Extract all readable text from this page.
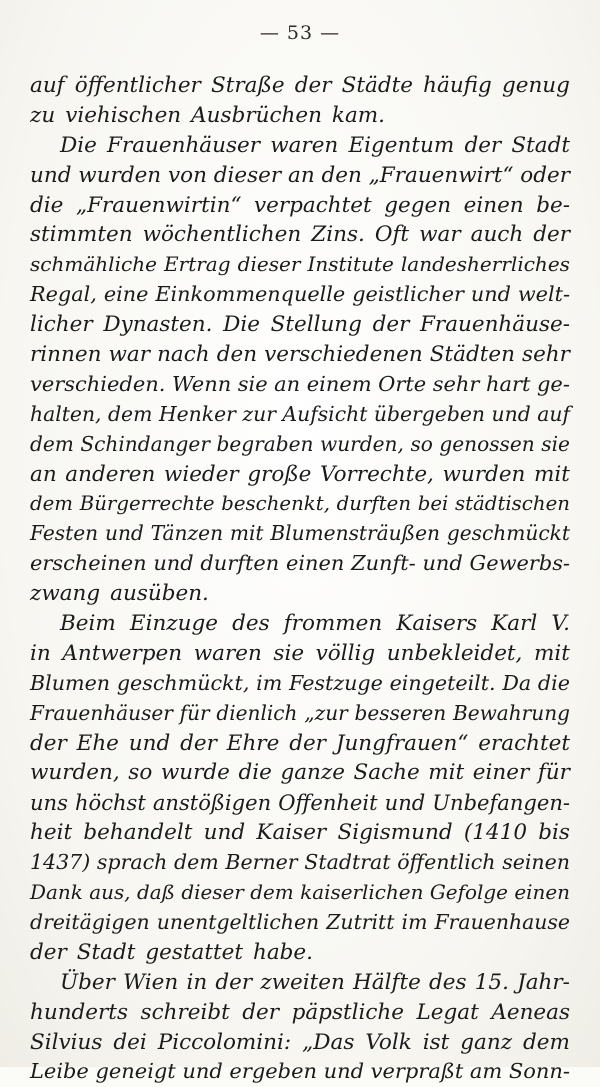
— 53 —
auf öffentlicher Straße der Städte häufig genug
zu viehischen Ausbrüchen kam.
Die Frauenhäuser waren Eigentum der Stadt
und wurden von dieser an den „Frauenwirt“ oder
die „Frauenwirtin“ verpachtet gegen einen be-
stimmten wöchentlichen Zins. Oft war auch der
schmähliche Ertrag dieser Institute landesherrliches
Regal, eine Einkommenquelle geistlicher und welt-
licher Dynasten. Die Stellung der Frauenhäuse-
rinnen war nach den verschiedenen Städten sehr
verschieden. Wenn sie an einem Orte sehr hart ge-
halten, dem Henker zur Aufsicht übergeben und auf
dem Schindanger begraben wurden, so genossen sie
an anderen wieder große Vorrechte, wurden mit
dem Bürgerrechte beschenkt, durften bei städtischen
Festen und Tänzen mit Blumensträußen geschmückt
erscheinen und durften einen Zunft- und Gewerbs-
zwang ausüben.
Beim Einzuge des frommen Kaisers Karl V.
in Antwerpen waren sie völlig unbekleidet, mit
Blumen geschmückt, im Festzuge eingeteilt. Da die
Frauenhäuser für dienlich „zur besseren Bewahrung
der Ehe und der Ehre der Jungfrauen“ erachtet
wurden, so wurde die ganze Sache mit einer für
uns höchst anstößigen Offenheit und Unbefangen-
heit behandelt und Kaiser Sigismund (1410 bis
1437) sprach dem Berner Stadtrat öffentlich seinen
Dank aus, daß dieser dem kaiserlichen Gefolge einen
dreitägigen unentgeltlichen Zutritt im Frauenhause
der Stadt gestattet habe.
Über Wien in der zweiten Hälfte des 15. Jahr-
hunderts schreibt der päpstliche Legat Aeneas
Silvius dei Piccolomini: „Das Volk ist ganz dem
Leibe geneigt und ergeben und verpraßt am Sonn-
